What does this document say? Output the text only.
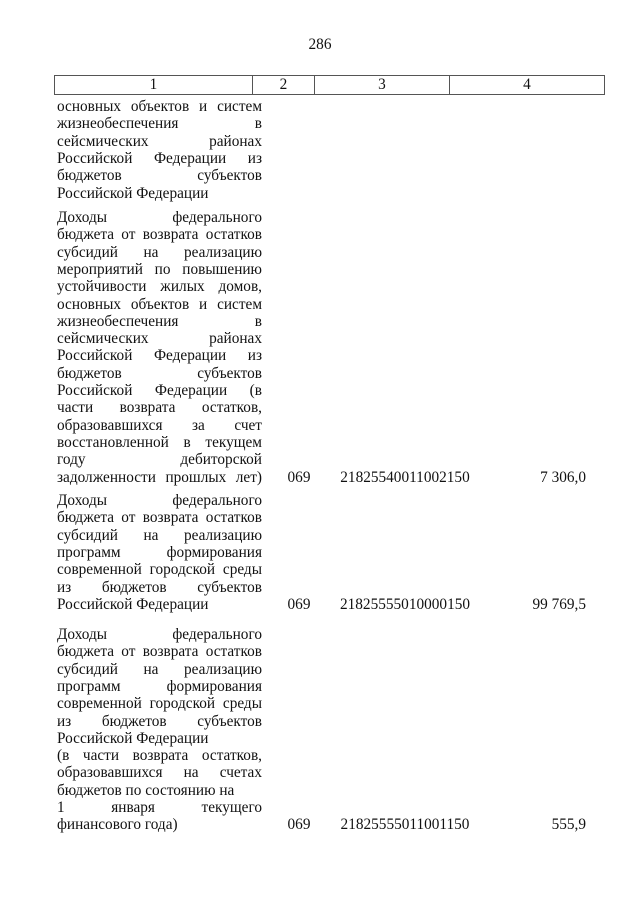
286
1	2	3	4
основных объектов и систем
жизнеобеспечения в
сейсмических районах
Российской Федерации из
бюджетов субъектов
Российской Федерации
Доходы федерального
бюджета от возврата остатков
субсидий на реализацию
мероприятий по повышению
устойчивости жилых домов,
основных объектов и систем
жизнеобеспечения в
сейсмических районах
Российской Федерации из
бюджетов субъектов
Российской Федерации (в
части возврата остатков,
образовавшихся за счет
восстановленной в текущем
году дебиторской
задолженности прошлых лет)	069	21825540011002150	7 306,0
Доходы федерального
бюджета от возврата остатков
субсидий на реализацию
программ формирования
современной городской среды
из бюджетов субъектов
Российской Федерации	069	21825555010000150	99 769,5
Доходы федерального
бюджета от возврата остатков
субсидий на реализацию
программ формирования
современной городской среды
из бюджетов субъектов
Российской Федерации
(в части возврата остатков,
образовавшихся на счетах
бюджетов по состоянию на
1 января текущего
финансового года)	069	21825555011001150	555,9
